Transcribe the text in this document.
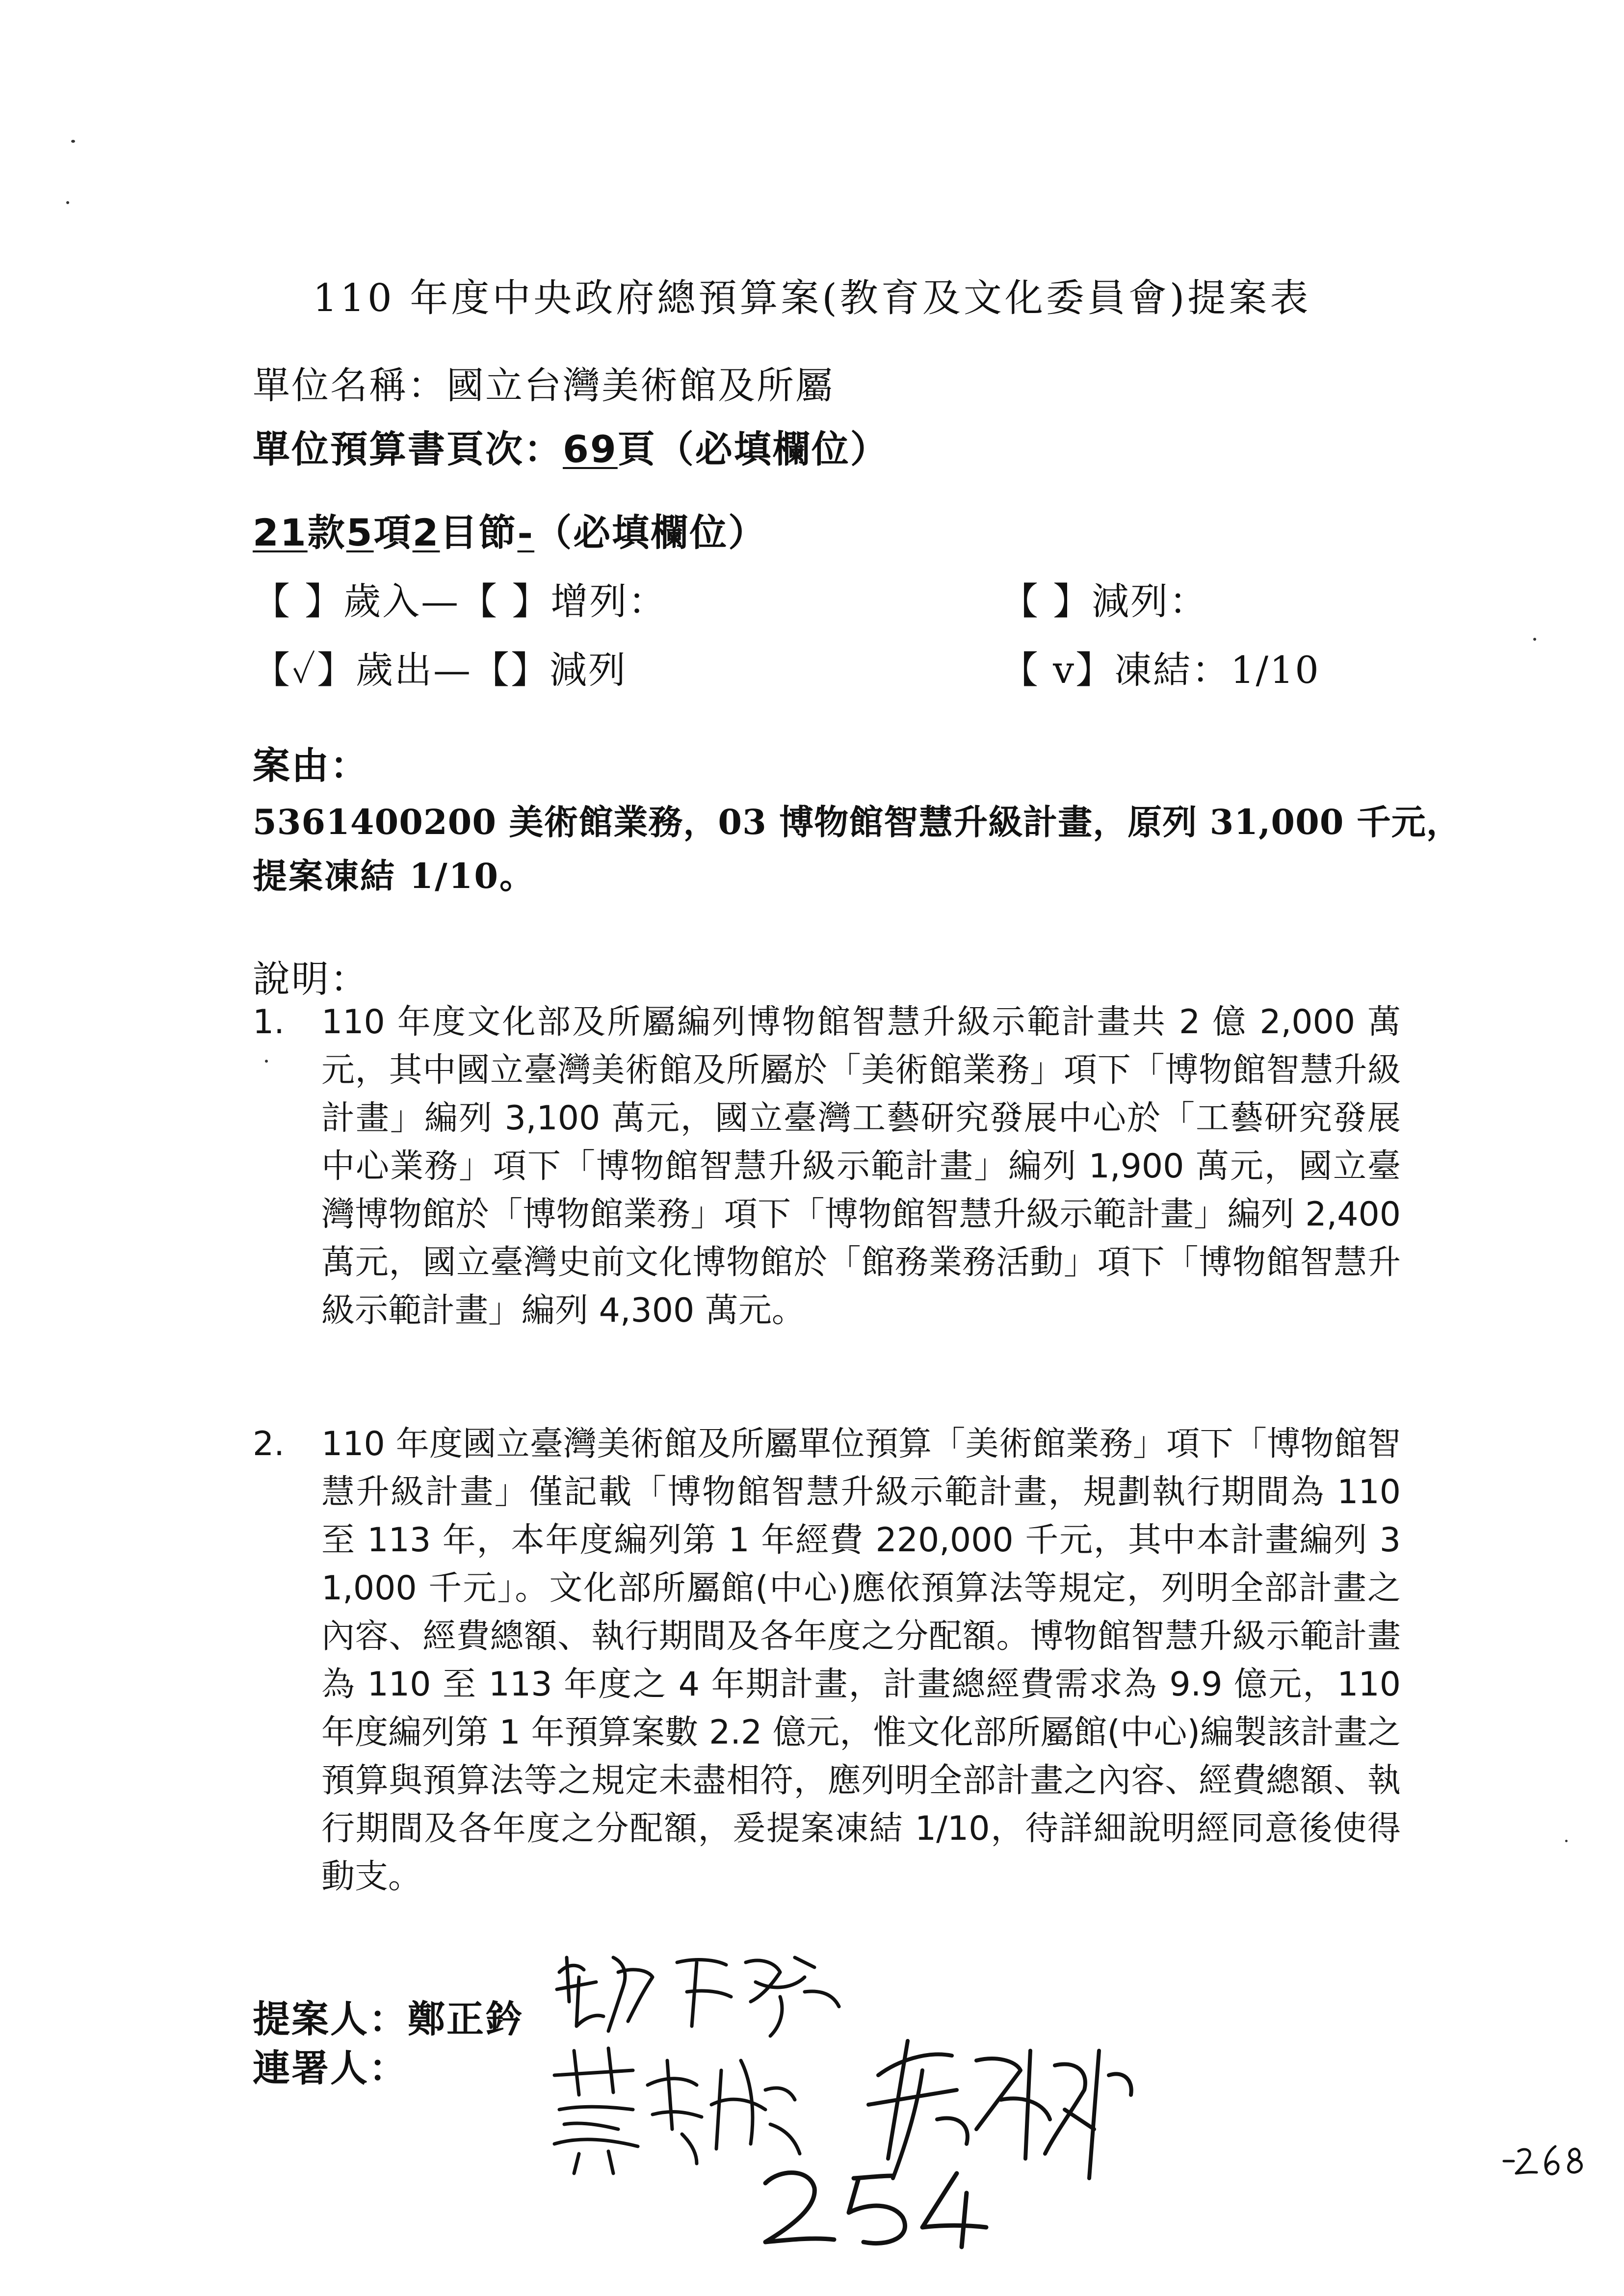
110 年度中央政府總預算案(教育及文化委員會)提案表
單位名稱：國立台灣美術館及所屬
單位預算書頁次：69頁（必填欄位）
21款5項2目節-（必填欄位）
【 】歲入—【 】增列：	【 】減列：
【✓】歲出—【】減列	【 v】凍結：1/10
案由：
5361400200 美術館業務，03 博物館智慧升級計畫，原列 31,000 千元，
提案凍結 1/10。
說明：
1. 110 年度文化部及所屬編列博物館智慧升級示範計畫共 2 億 2,000 萬元，其中國立臺灣美術館及所屬於「美術館業務」項下「博物館智慧升級計畫」編列 3,100 萬元，國立臺灣工藝研究發展中心於「工藝研究發展中心業務」項下「博物館智慧升級示範計畫」編列 1,900 萬元，國立臺灣博物館於「博物館業務」項下「博物館智慧升級示範計畫」編列 2,400 萬元，國立臺灣史前文化博物館於「館務業務活動」項下「博物館智慧升級示範計畫」編列 4,300 萬元。
2. 110 年度國立臺灣美術館及所屬單位預算「美術館業務」項下「博物館智慧升級計畫」僅記載「博物館智慧升級示範計畫，規劃執行期間為 110 至 113 年，本年度編列第 1 年經費 220,000 千元，其中本計畫編列 31,000 千元」。文化部所屬館(中心)應依預算法等規定，列明全部計畫之內容、經費總額、執行期間及各年度之分配額。博物館智慧升級示範計畫為 110 至 113 年度之 4 年期計畫，計畫總經費需求為 9.9 億元，110 年度編列第 1 年預算案數 2.2 億元，惟文化部所屬館(中心)編製該計畫之預算與預算法等之規定未盡相符，應列明全部計畫之內容、經費總額、執行期間及各年度之分配額，爰提案凍結 1/10，待詳細說明經同意後使得動支。
提案人：鄭正鈐
連署人：
